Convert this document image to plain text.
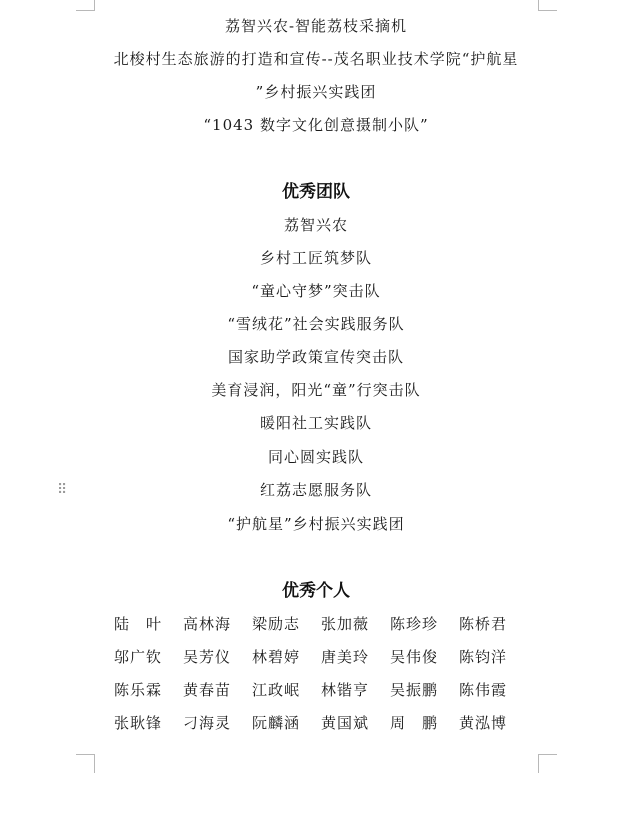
荔智兴农-智能荔枝采摘机
北梭村生态旅游的打造和宣传--茂名职业技术学院“护航星
”乡村振兴实践团
“1043 数字文化创意摄制小队”
优秀团队
荔智兴农
乡村工匠筑梦队
“童心守梦”突击队
“雪绒花”社会实践服务队
国家助学政策宣传突击队
美育浸润，阳光“童”行突击队
暖阳社工实践队
同心圆实践队
红荔志愿服务队
“护航星”乡村振兴实践团
⠿
优秀个人
陆　叶	高林海	梁励志	张加薇	陈珍珍	陈桥君
邬广钦	吴芳仪	林碧婷	唐美玲	吴伟俊	陈钧洋
陈乐霖	黄春苗	江政岷	林锴亨	吴振鹏	陈伟霞
张耿锋	刁海灵	阮麟涵	黄国斌	周　鹏	黄泓博
